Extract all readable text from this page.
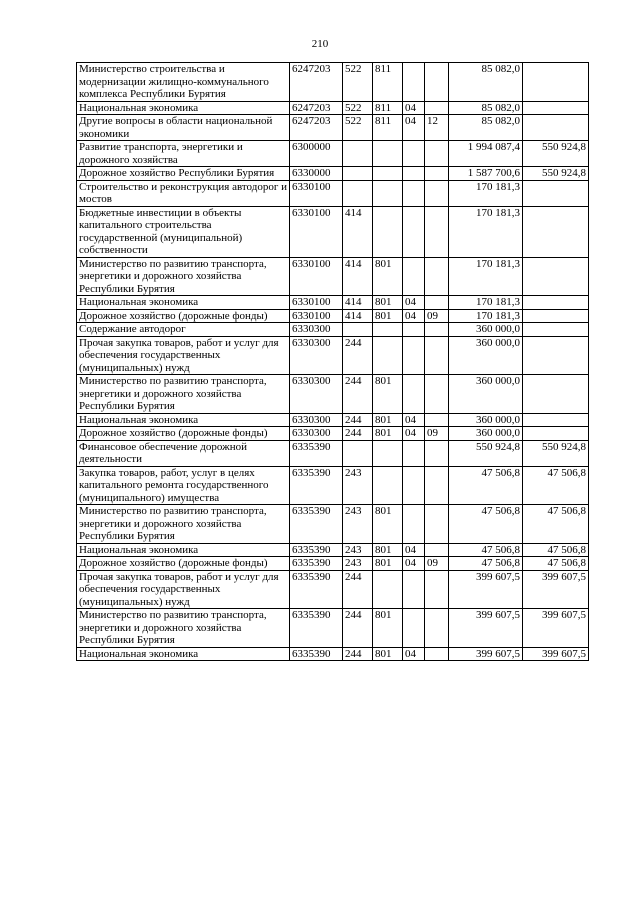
210
Министерство строительства и модернизации жилищно-коммунального комплекса Республики Бурятия	6247203	522	811			85 082,0	
Национальная экономика	6247203	522	811	04		85 082,0	
Другие вопросы в области национальной экономики	6247203	522	811	04	12	85 082,0	
Развитие транспорта, энергетики и дорожного хозяйства	6300000					1 994 087,4	550 924,8
Дорожное хозяйство Республики Бурятия	6330000					1 587 700,6	550 924,8
Строительство и реконструкция автодорог и мостов	6330100					170 181,3	
Бюджетные инвестиции в объекты капитального строительства государственной (муниципальной) собственности	6330100	414				170 181,3	
Министерство по развитию транспорта, энергетики и дорожного хозяйства Республики Бурятия	6330100	414	801			170 181,3	
Национальная экономика	6330100	414	801	04		170 181,3	
Дорожное хозяйство (дорожные фонды)	6330100	414	801	04	09	170 181,3	
Содержание автодорог	6330300					360 000,0	
Прочая закупка товаров, работ и услуг для обеспечения государственных (муниципальных) нужд	6330300	244				360 000,0	
Министерство по развитию транспорта, энергетики и дорожного хозяйства Республики Бурятия	6330300	244	801			360 000,0	
Национальная экономика	6330300	244	801	04		360 000,0	
Дорожное хозяйство (дорожные фонды)	6330300	244	801	04	09	360 000,0	
Финансовое обеспечение дорожной деятельности	6335390					550 924,8	550 924,8
Закупка товаров, работ, услуг в целях капитального ремонта государственного (муниципального) имущества	6335390	243				47 506,8	47 506,8
Министерство по развитию транспорта, энергетики и дорожного хозяйства Республики Бурятия	6335390	243	801			47 506,8	47 506,8
Национальная экономика	6335390	243	801	04		47 506,8	47 506,8
Дорожное хозяйство (дорожные фонды)	6335390	243	801	04	09	47 506,8	47 506,8
Прочая закупка товаров, работ и услуг для обеспечения государственных (муниципальных) нужд	6335390	244				399 607,5	399 607,5
Министерство по развитию транспорта, энергетики и дорожного хозяйства Республики Бурятия	6335390	244	801			399 607,5	399 607,5
Национальная экономика	6335390	244	801	04		399 607,5	399 607,5
